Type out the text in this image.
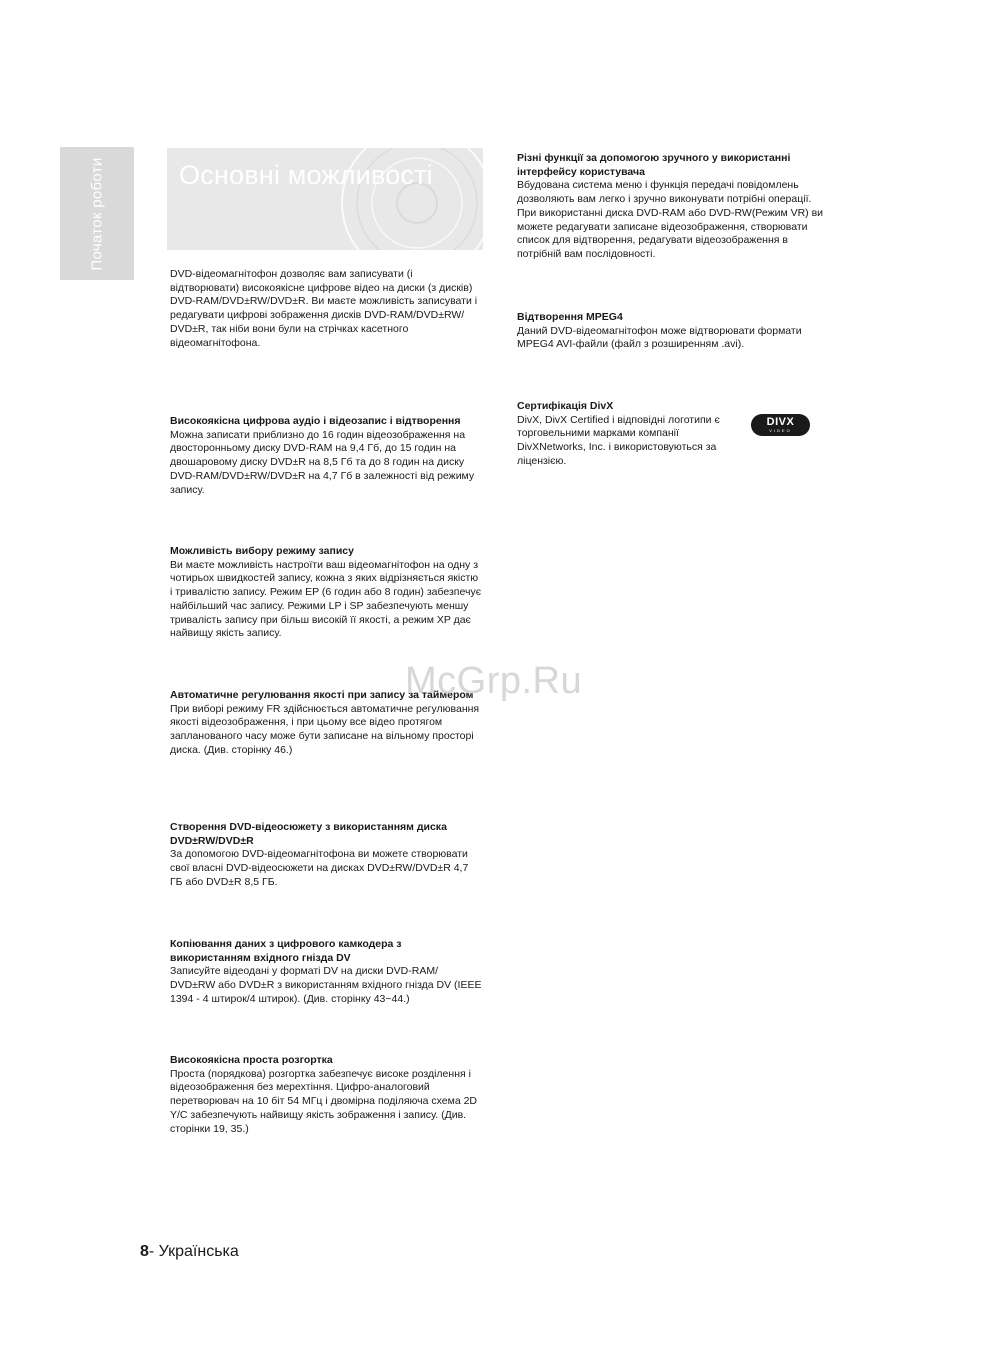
Початок роботи	Основні можливості

DVD-відеомагнітофон дозволяє вам записувати (і відтворювати) високоякісне цифрове відео на диски (з дисків) DVD-RAM/DVD±RW/DVD±R. Ви маєте можливість записувати і редагувати цифрові зображення дисків DVD-RAM/DVD±RW/ DVD±R, так ніби вони були на стрічках касетного відеомагнітофона.

Високоякісна цифрова аудіо і відеозапис і відтворення

Можна записати приблизно до 16 годин відеозображення на двосторонньому диску DVD-RAM на 9,4 Гб, до 15 годин на двошаровому диску DVD±R на 8,5 Гб та до 8 годин на диску DVD-RAM/DVD±RW/DVD±R на 4,7 Гб в залежності від режиму запису.

Можливість вибору режиму запису

Ви маєте можливість настроїти ваш відеомагнітофон на одну з чотирьох швидкостей запису, кожна з яких відрізняється якістю і тривалістю запису. Режим EP (6 годин або 8 годин) забезпечує найбільший час запису. Режими LP і SP забезпечують меншу тривалість запису при більш високій її якості, а режим XP дає найвищу якість запису.

Автоматичне регулювання якості при запису за таймером

При виборі режиму FR здійснюється автоматичне регулювання якості відеозображення, і при цьому все відео протягом запланованого часу може бути записане на вільному просторі диска. (Див. сторінку 46.)

Створення DVD-відеосюжету з використанням диска DVD±RW/DVD±R

За допомогою DVD-відеомагнітофона ви можете створювати свої власні DVD-відеосюжети на дисках DVD±RW/DVD±R 4,7 ГБ або DVD±R 8,5 ГБ.

Копіювання даних з цифрового камкодера з використанням вхідного гнізда DV

Записуйте відеодані у форматі DV на диски DVD-RAM/ DVD±RW або DVD±R з використанням вхідного гнізда DV (IEEE 1394 - 4 штирок/4 штирок). (Див. сторінку 43~44.)

Високоякісна проста розгортка

Проста (порядкова) розгортка забезпечує високе розділення і відеозображення без мерехтіння. Цифро-аналоговий перетворювач на 10 біт 54 МГц і двомірна поділяюча схема 2D Y/C забезпечують найвищу якість зображення і запису. (Див. сторінки 19, 35.)

Різні функції за допомогою зручного у використанні інтерфейсу користувача

Вбудована система меню і функція передачі повідомлень дозволяють вам легко і зручно виконувати потрібні операції. При використанні диска DVD-RAM або DVD-RW(Режим VR) ви можете редагувати записане відеозображення, створювати список для відтворення, редагувати відеозображення в потрібній вам послідовності.

Відтворення MPEG4

Даний DVD-відеомагнітофон може відтворювати формати MPEG4 AVI-файли (файл з розширенням .avi).

Сертифікація DivX

DivX, DivX Certified і відповідні логотипи є торговельними марками компанії DivXNetworks, Inc. і використовуються за ліцензією.

DIVX
VIDEO
McGrp.Ru
8- Українська
